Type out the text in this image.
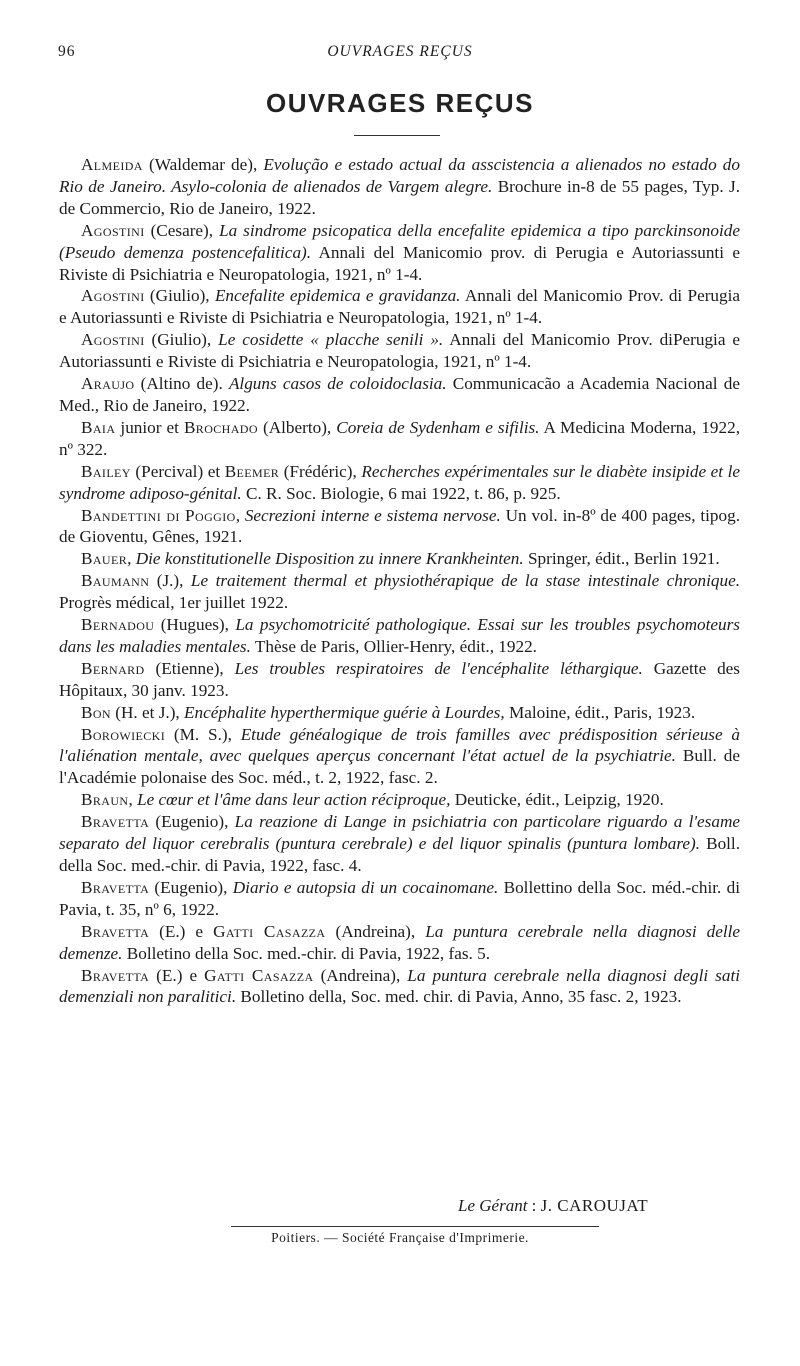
96	OUVRAGES REÇUS
OUVRAGES REÇUS

Almeida (Waldemar de), Evolução e estado actual da asscistencia a alienados no estado do Rio de Janeiro. Asylo-colonia de alienados de Vargem alegre. Brochure in-8 de 55 pages, Typ. J. de Commercio, Rio de Janeiro, 1922.

Agostini (Cesare), La sindrome psicopatica della encefalite epidemica a tipo parckinsonoide (Pseudo demenza postencefalitica). Annali del Manicomio prov. di Perugia e Autoriassunti e Riviste di Psichiatria e Neuropatologia, 1921, nº 1-4.

Agostini (Giulio), Encefalite epidemica e gravidanza. Annali del Manicomio Prov. di Perugia e Autoriassunti e Riviste di Psichiatria e Neuropatologia, 1921, nº 1-4.

Agostini (Giulio), Le cosidette « placche senili ». Annali del Manicomio Prov. diPerugia e Autoriassunti e Riviste di Psichiatria e Neuropatologia, 1921, nº 1-4.

Araujo (Altino de). Alguns casos de coloidoclasia. Communicacão a Academia Nacional de Med., Rio de Janeiro, 1922.

Baia junior et Brochado (Alberto), Coreia de Sydenham e sifilis. A Medicina Moderna, 1922, nº 322.

Bailey (Percival) et Beemer (Frédéric), Recherches expérimentales sur le diabète insipide et le syndrome adiposo-génital. C. R. Soc. Biologie, 6 mai 1922, t. 86, p. 925.

Bandettini di Poggio, Secrezioni interne e sistema nervose. Un vol. in-8º de 400 pages, tipog. de Gioventu, Gênes, 1921.

Bauer, Die konstitutionelle Disposition zu innere Krankheinten. Springer, édit., Berlin 1921.

Baumann (J.), Le traitement thermal et physiothérapique de la stase intestinale chronique. Progrès médical, 1er juillet 1922.

Bernadou (Hugues), La psychomotricité pathologique. Essai sur les troubles psychomoteurs dans les maladies mentales. Thèse de Paris, Ollier-Henry, édit., 1922.

Bernard (Etienne), Les troubles respiratoires de l'encéphalite léthargique. Gazette des Hôpitaux, 30 janv. 1923.

Bon (H. et J.), Encéphalite hyperthermique guérie à Lourdes, Maloine, édit., Paris, 1923.

Borowiecki (M. S.), Etude généalogique de trois familles avec prédisposition sérieuse à l'aliénation mentale, avec quelques aperçus concernant l'état actuel de la psychiatrie. Bull. de l'Académie polonaise des Soc. méd., t. 2, 1922, fasc. 2.

Braun, Le cœur et l'âme dans leur action réciproque, Deuticke, édit., Leipzig, 1920.

Bravetta (Eugenio), La reazione di Lange in psichiatria con particolare riguardo a l'esame separato del liquor cerebralis (puntura cerebrale) e del liquor spinalis (puntura lombare). Boll. della Soc. med.-chir. di Pavia, 1922, fasc. 4.

Bravetta (Eugenio), Diario e autopsia di un cocainomane. Bollettino della Soc. méd.-chir. di Pavia, t. 35, nº 6, 1922.

Bravetta (E.) e Gatti Casazza (Andreina), La puntura cerebrale nella diagnosi delle demenze. Bolletino della Soc. med.-chir. di Pavia, 1922, fas. 5.

Bravetta (E.) e Gatti Casazza (Andreina), La puntura cerebrale nella diagnosi degli sati demenziali non paralitici. Bolletino della, Soc. med. chir. di Pavia, Anno, 35 fasc. 2, 1923.

Le Gérant : J. CAROUJAT
Poitiers. — Société Française d'Imprimerie.
